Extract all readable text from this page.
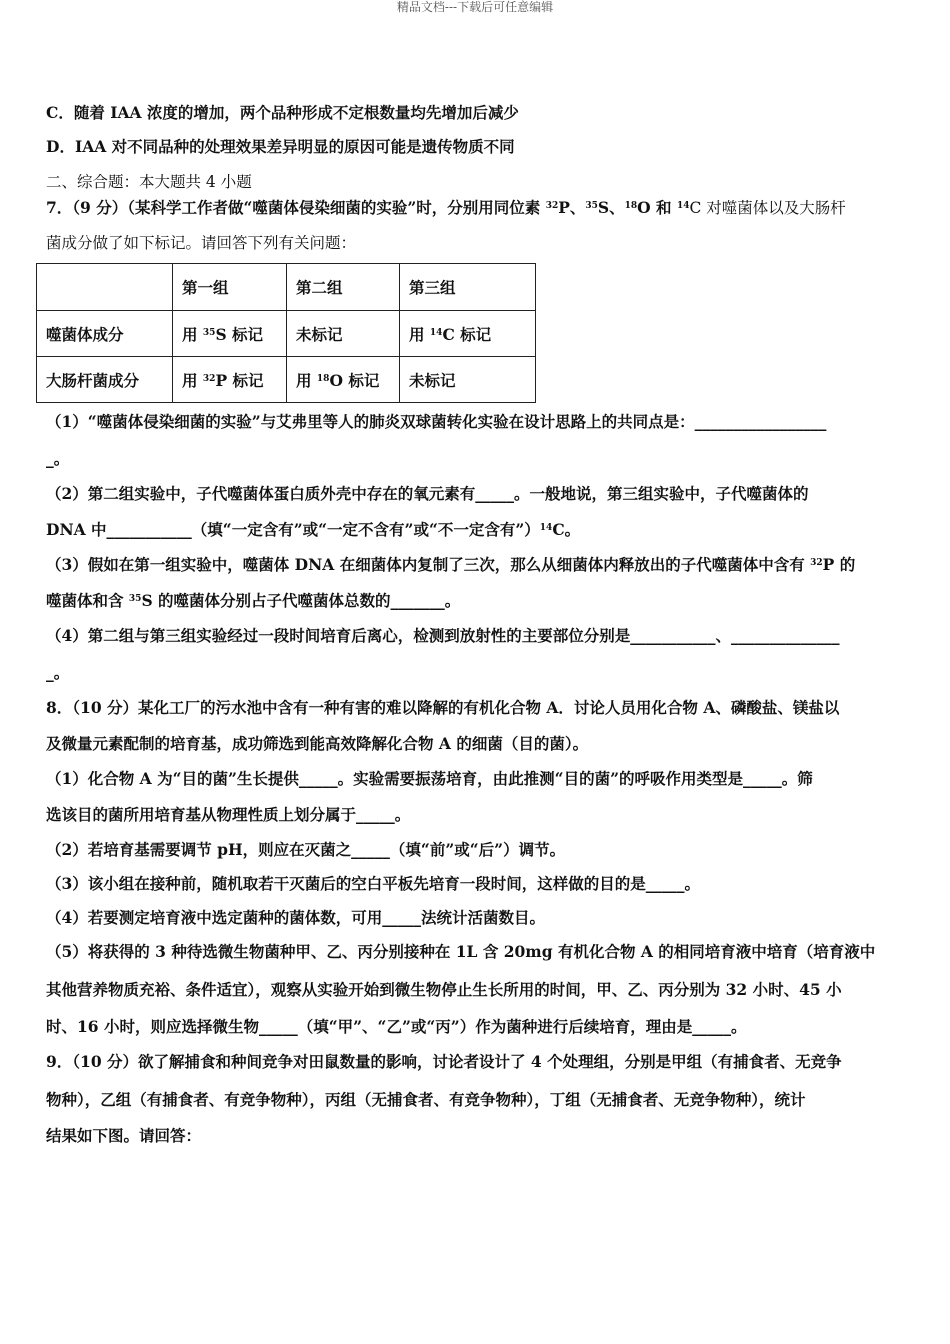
精品文档---下载后可任意编辑
C．随着 IAA 浓度的增加，两个品种形成不定根数量均先增加后减少
D．IAA 对不同品种的处理效果差异明显的原因可能是遗传物质不同
二、综合题：本大题共 4 小题
7．（9 分）（某科学工作者做“噬菌体侵染细菌的实验”时，分别用同位素 $^{32}$P、$^{35}$S、$^{18}$O 和 $^{14}$C 对噬菌体以及大肠杆
菌成分做了如下标记。请回答下列有关问题：
	第一组	第二组	第三组
噬菌体成分	用 $^{35}$S 标记	未标记	用 $^{14}$C 标记
大肠杆菌成分	用 $^{32}$P 标记	用 $^{18}$O 标记	未标记
（1）“噬菌体侵染细菌的实验”与艾弗里等人的肺炎双球菌转化实验在设计思路上的共同点是：_________________
_。
（2）第二组实验中，子代噬菌体蛋白质外壳中存在的氧元素有_____。一般地说，第三组实验中，子代噬菌体的
DNA 中___________（填“一定含有”或“一定不含有”或“不一定含有”）$^{14}$C。
（3）假如在第一组实验中，噬菌体 DNA 在细菌体内复制了三次，那么从细菌体内释放出的子代噬菌体中含有 $^{32}$P 的
噬菌体和含 $^{35}$S 的噬菌体分别占子代噬菌体总数的_______。
（4）第二组与第三组实验经过一段时间培育后离心，检测到放射性的主要部位分别是___________、______________
_。
8．（10 分）某化工厂的污水池中含有一种有害的难以降解的有机化合物 A．讨论人员用化合物 A、磷酸盐、镁盐以
及微量元素配制的培育基，成功筛选到能高效降解化合物 A 的细菌（目的菌）。
（1）化合物 A 为“目的菌”生长提供_____。实验需要振荡培育，由此推测“目的菌”的呼吸作用类型是_____。筛
选该目的菌所用培育基从物理性质上划分属于_____。
（2）若培育基需要调节 pH，则应在灭菌之_____（填“前”或“后”）调节。
（3）该小组在接种前，随机取若干灭菌后的空白平板先培育一段时间，这样做的目的是_____。
（4）若要测定培育液中选定菌种的菌体数，可用_____法统计活菌数目。
（5）将获得的 3 种待选微生物菌种甲、乙、丙分别接种在 1L 含 20mg 有机化合物 A 的相同培育液中培育（培育液中
其他营养物质充裕、条件适宜），观察从实验开始到微生物停止生长所用的时间，甲、乙、丙分别为 32 小时、45 小
时、16 小时，则应选择微生物_____（填“甲”、“乙”或“丙”）作为菌种进行后续培育，理由是_____。
9．（10 分）欲了解捕食和种间竞争对田鼠数量的影响，讨论者设计了 4 个处理组，分别是甲组（有捕食者、无竞争
物种），乙组（有捕食者、有竞争物种），丙组（无捕食者、有竞争物种），丁组（无捕食者、无竞争物种），统计
结果如下图。请回答：
